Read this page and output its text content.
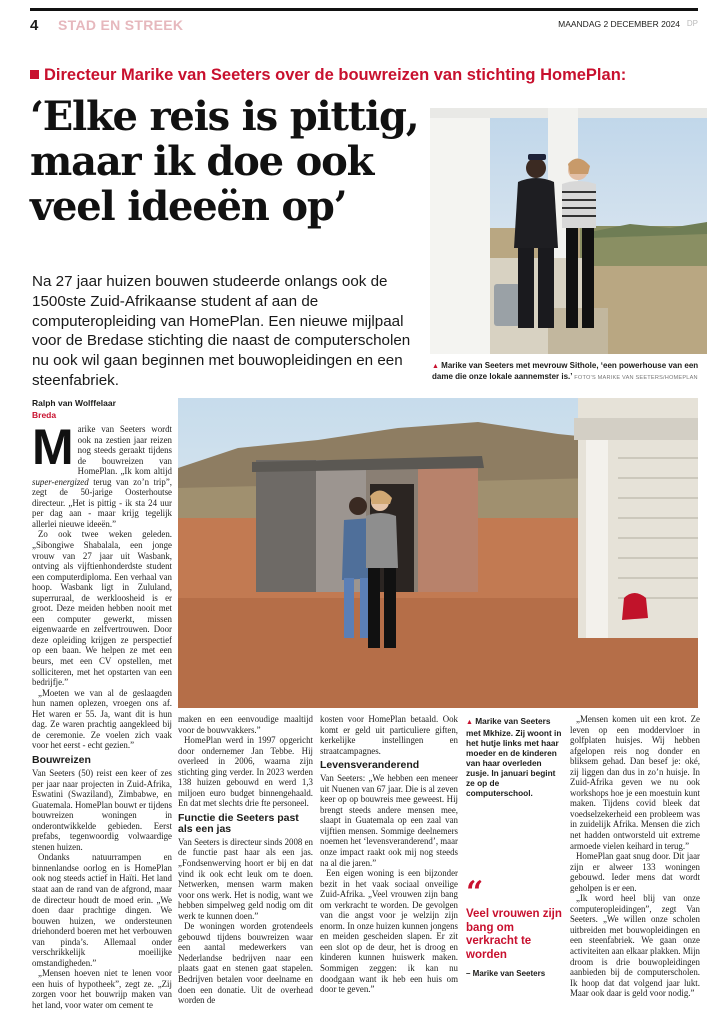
4 STAD EN STREEK	MAANDAG 2 DECEMBER 2024 DP
Directeur Marike van Seeters over de bouwreizen van stichting HomePlan:
‘Elke reis is pittig, maar ik doe ook veel ideeën op’
Na 27 jaar huizen bouwen studeerde onlangs ook de 1500ste Zuid-Afrikaanse student af aan de computeropleiding van HomePlan. Een nieuwe mijlpaal voor de Bredase stichting die naast de computerscholen nu ook wil gaan beginnen met bouwopleidingen en een steenfabriek.
▲ Marike van Seeters met mevrouw Sithole, ‘een powerhouse van een dame die onze lokale aannemster is.’ FOTO’S MARIKE VAN SEETERS/HOMEPLAN
Ralph van Wolffelaar
Breda

Marike van Seeters wordt ook na zestien jaar reizen nog steeds geraakt tijdens de bouwreizen van HomePlan. „Ik kom altijd super-energized terug van zo’n trip”, zegt de 50-jarige Oosterhoutse directeur. „Het is pittig - ik sta 24 uur per dag aan - maar krijg tegelijk allerlei nieuwe ideeën.”

Zo ook twee weken geleden. „Sibongiwe Shabalala, een jonge vrouw van 27 jaar uit Wasbank, ontving als vijftienhonderdste student een computerdiploma. Een verhaal van hoop. Wasbank ligt in Zululand, superruraal, de werkloosheid is er groot. Deze meiden hebben nooit met een computer gewerkt, missen eigenwaarde en zelfvertrouwen. Door deze opleiding krijgen ze perspectief op een baan. We helpen ze met een beurs, met een CV opstellen, met solliciteren, met het opstarten van een bedrijfje.”

„Moeten we van al de geslaagden hun namen oplezen, vroegen ons af. Het waren er 55. Ja, want dit is hun dag. Ze waren prachtig aangekleed bij de ceremonie. Ze voelen zich vaak voor het eerst - echt gezien.”

Bouwreizen

Van Seeters (50) reist een keer of zes per jaar naar projecten in Zuid-Afrika, Eswatini (Swaziland), Zimbabwe, en Guatemala. HomePlan bouwt er tijdens bouwreizen woningen in onderontwikkelde gebieden. Eerst prefabs, tegenwoordig volwaardige stenen huizen.

Ondanks natuurrampen en binnenlandse oorlog en is HomePlan ook nog steeds actief in Haïti. Het land staat aan de rand van de afgrond, maar de directeur houdt de moed erin. „We doen daar prachtige dingen. We bouwen huizen, we ondersteunen driehonderd boeren met het verbouwen van pinda’s. Allemaal onder verschrikkelijk moeilijke omstandigheden.”

„Mensen hoeven niet te lenen voor een huis of hypotheek”, zegt ze. „Zij zorgen voor het bouwrijp maken van het land, voor water om cement te

maken en een eenvoudige maaltijd voor de bouwvakkers.”

HomePlan werd in 1997 opgericht door ondernemer Jan Tebbe. Hij overleed in 2006, waarna zijn stichting ging verder. In 2023 werden 138 huizen gebouwd en werd 1,3 miljoen euro budget binnengehaald. En dat met slechts drie fte personeel.

Functie die Seeters past als een jas

Van Seeters is directeur sinds 2008 en de functie past haar als een jas. „Fondsenwerving hoort er bij en dat vind ik ook echt leuk om te doen. Netwerken, mensen warm maken voor ons werk. Het is nodig, want we hebben simpelweg geld nodig om dit werk te kunnen doen.”

De woningen worden grotendeels gebouwd tijdens bouwreizen waar een aantal medewerkers van Nederlandse bedrijven naar een plaats gaat en stenen gaat stapelen. Bedrijven betalen voor deelname en doen een donatie. Uit de overhead worden de

kosten voor HomePlan betaald. Ook komt er geld uit particuliere giften, kerkelijke instellingen en straatcampagnes.

Levensveranderend

Van Seeters: „We hebben een meneer uit Nuenen van 67 jaar. Die is al zeven keer op op bouwreis mee geweest. Hij brengt steeds andere mensen mee, slaapt in Guatemala op een zaal van vijftien mensen. Sommige deelnemers noemen het ‘levensveranderend’, maar onze impact raakt ook mij nog steeds na al die jaren.”

Een eigen woning is een bijzonder bezit in het vaak sociaal onveilige Zuid-Afrika. „Veel vrouwen zijn bang om verkracht te worden. De gevolgen van die angst voor je welzijn zijn enorm. In onze huizen kunnen jongens en meiden gescheiden slapen. Er zit een slot op de deur, het is droog en kinderen kunnen huiswerk maken. Sommigen zeggen: ik kan nu doodgaan want ik heb een huis om door te geven.”

▲ Marike van Seeters met Mkhize. Zij woont in het hutje links met haar moeder en de kinderen van haar overleden zusje. In januari begint ze op de computerschool.
“
Veel vrouwen zijn bang om verkracht te worden
– Marike van Seeters

„Mensen komen uit een krot. Ze leven op een moddervloer in golfplaten huisjes. Wij hebben afgelopen reis nog donder en bliksem gehad. Dan besef je: oké, zij liggen dan dus in zo’n huisje. In Zuid-Afrika geven we nu ook workshops hoe je een moestuin kunt maken. Tijdens covid bleek dat voedselzekerheid een probleem was in zuidelijk Afrika. Mensen die zich net hadden ontworsteld uit extreme armoede vielen keihard in terug.”

HomePlan gaat snug door. Dit jaar zijn er alweer 133 woningen gebouwd. Ieder mens dat wordt geholpen is er een.

„Ik word heel blij van onze computeropleidingen”, zegt Van Seeters. „We willen onze scholen uitbreiden met bouwopleidingen en een steenfabriek. We gaan onze activiteiten aan elkaar plakken. Mijn droom is drie bouwopleidingen aanbieden bij de computerscholen. Ik hoop dat dat volgend jaar lukt. Maar ook daar is geld voor nodig.”
